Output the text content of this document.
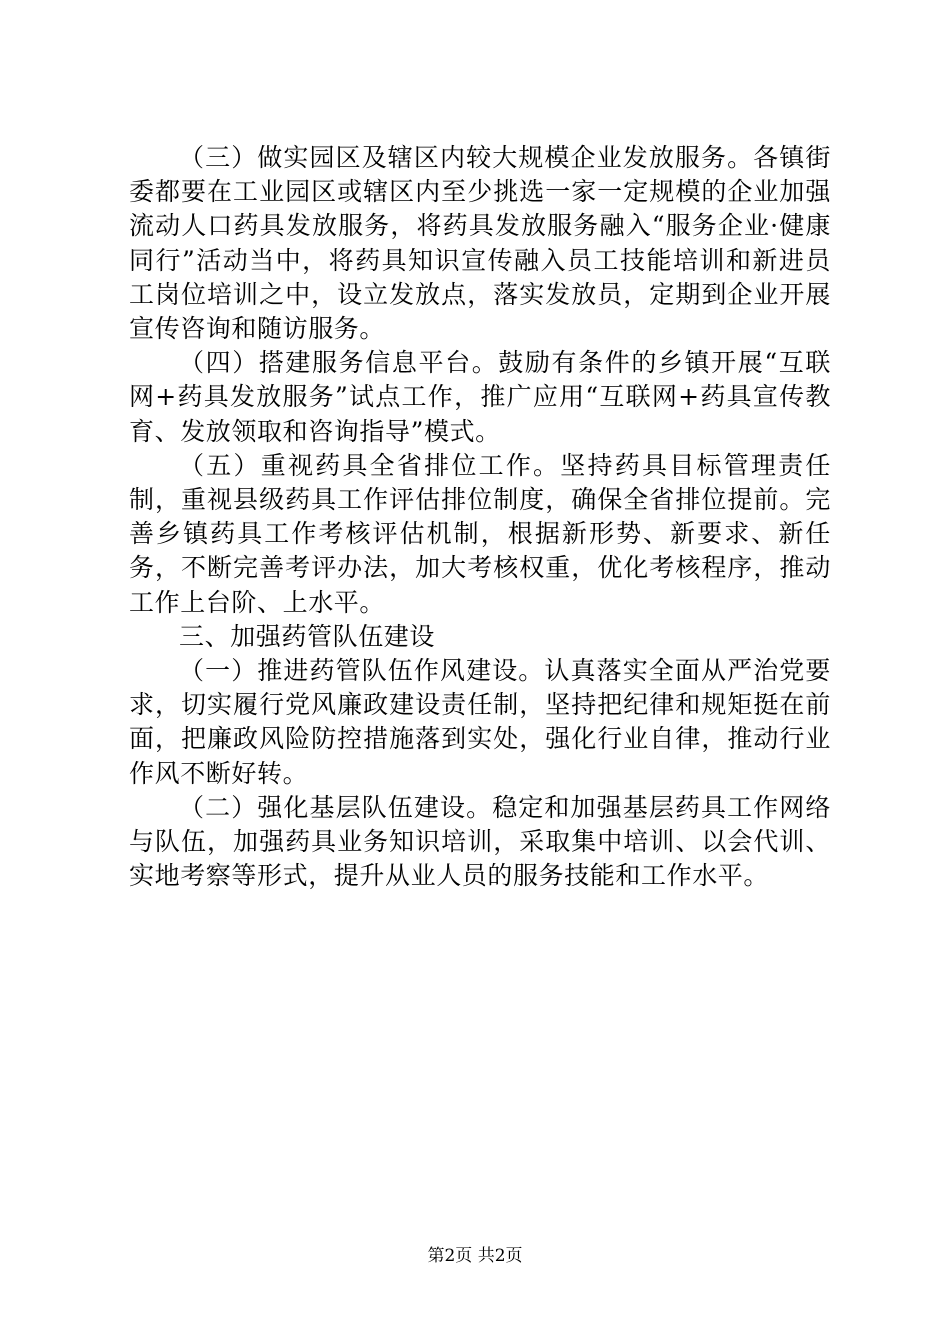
（三）做实园区及辖区内较大规模企业发放服务。各镇街委都要在工业园区或辖区内至少挑选一家一定规模的企业加强流动人口药具发放服务，将药具发放服务融入“服务企业·健康同行”活动当中，将药具知识宣传融入员工技能培训和新进员工岗位培训之中，设立发放点，落实发放员，定期到企业开展宣传咨询和随访服务。

（四）搭建服务信息平台。鼓励有条件的乡镇开展“互联网+药具发放服务”试点工作，推广应用“互联网+药具宣传教育、发放领取和咨询指导”模式。

（五）重视药具全省排位工作。坚持药具目标管理责任制，重视县级药具工作评估排位制度，确保全省排位提前。完善乡镇药具工作考核评估机制，根据新形势、新要求、新任务，不断完善考评办法，加大考核权重，优化考核程序，推动工作上台阶、上水平。

三、加强药管队伍建设

（一）推进药管队伍作风建设。认真落实全面从严治党要求，切实履行党风廉政建设责任制，坚持把纪律和规矩挺在前面，把廉政风险防控措施落到实处，强化行业自律，推动行业作风不断好转。

（二）强化基层队伍建设。稳定和加强基层药具工作网络与队伍，加强药具业务知识培训，采取集中培训、以会代训、实地考察等形式，提升从业人员的服务技能和工作水平。

第2页 共2页
